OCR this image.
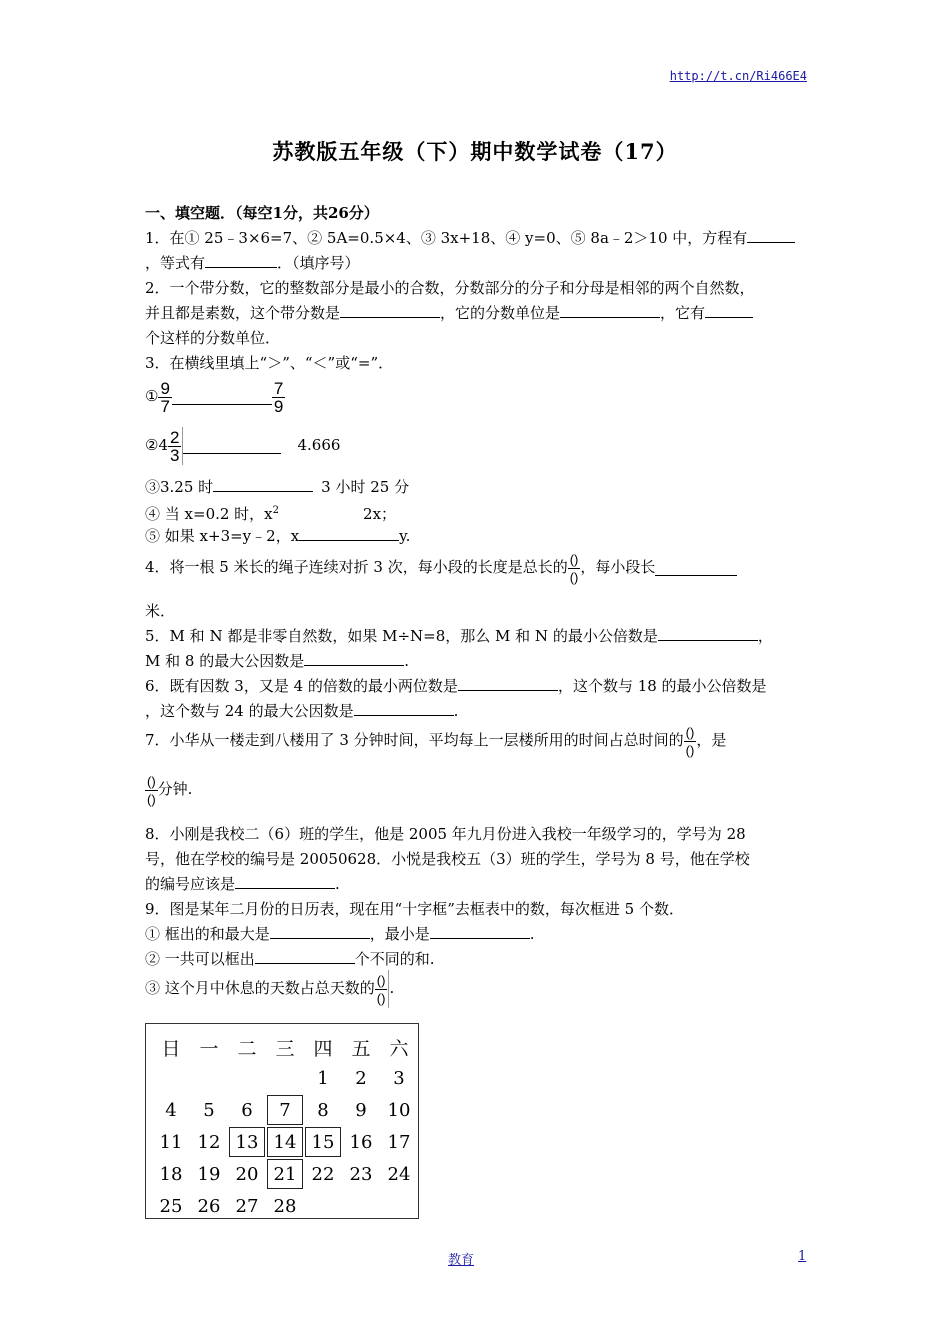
http://t.cn/Ri466E4
苏教版五年级（下）期中数学试卷（17）
一、填空题．（每空1分，共26分）
1．在① 25﹣3×6=7、② 5A=0.5×4、③ 3x+18、④ y=0、⑤ 8a﹣2＞10 中，方程有
，等式有	．（填序号）
2．一个带分数，它的整数部分是最小的合数，分数部分的分子和分母是相邻的两个自然数，
并且都是素数，这个带分数是	，它的分数单位是	，它有
个这样的分数单位．
3．在横线里填上“＞”、“＜”或“=”．
① $\frac{9}{7}$	$\frac{7}{9}$
②4 $\frac{2}{3}$	4.666
③3.25 时	3 小时 25 分
④ 当 x=0.2 时，$x^2$	2x；
⑤ 如果 x+3=y﹣2，x	y.
4．将一根 5 米长的绳子连续对折 3 次，每小段的长度是总长的 $\frac{()}{()}$ ，每小段长
米．
5．M 和 N 都是非零自然数，如果 M÷N=8，那么 M 和 N 的最小公倍数是	，
M 和 8 的最大公因数是	.
6．既有因数 3，又是 4 的倍数的最小两位数是	，这个数与 18 的最小公倍数是
，这个数与 24 的最大公因数是	.
7．小华从一楼走到八楼用了 3 分钟时间，平均每上一层楼所用的时间占总时间的 $\frac{()}{()}$ ，是
$\frac{()}{()}$ 分钟.
8．小刚是我校二（6）班的学生，他是 2005 年九月份进入我校一年级学习的，学号为 28
号，他在学校的编号是 20050628．小悦是我校五（3）班的学生，学号为 8 号，他在学校
的编号应该是	.
9．图是某年二月份的日历表，现在用“十字框”去框表中的数，每次框进 5 个数．
① 框出的和最大是	，最小是	.
② 一共可以框出	个不同的和.
③ 这个月中休息的天数占总天数的 $\frac{()}{()}$ .
日	一	二	三	四	五	六
				1	2	3
4	5	6	7	8	9	10
11	12	13	14	15	16	17
18	19	20	21	22	23	24
25	26	27	28			
教育	1
